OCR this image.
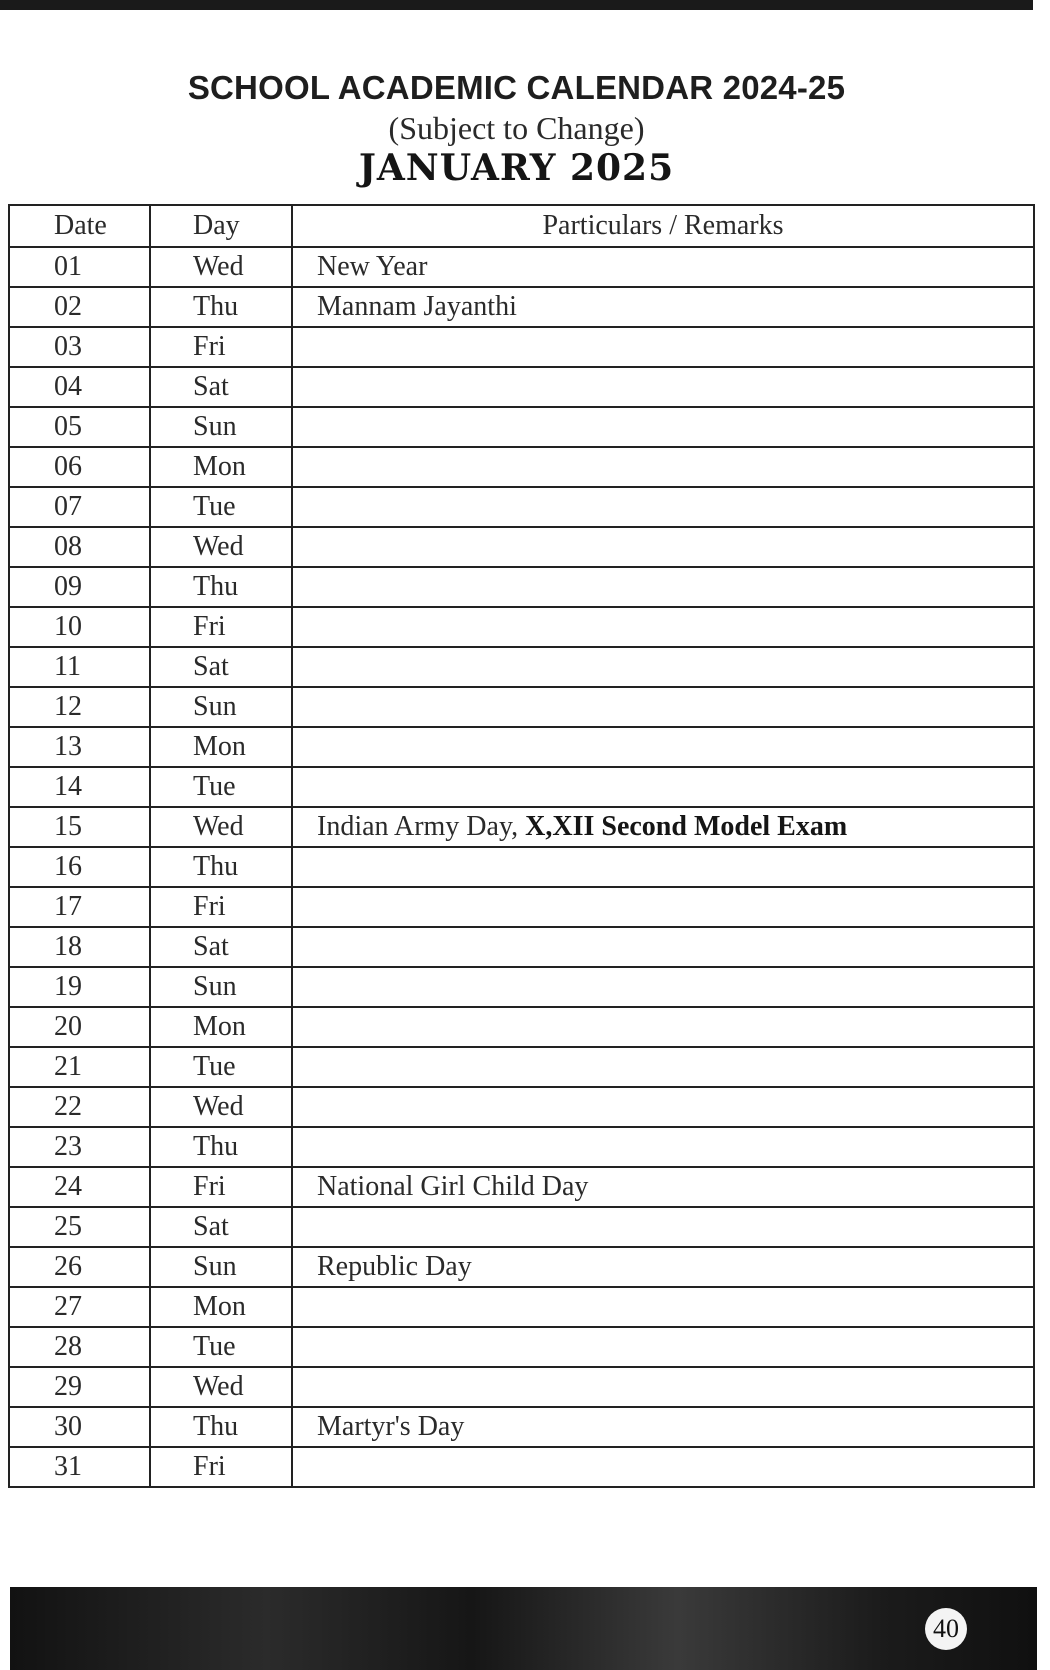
SCHOOL ACADEMIC CALENDAR 2024-25
(Subject to Change)
JANUARY 2025
Date	Day	Particulars / Remarks
01	Wed	New Year
02	Thu	Mannam Jayanthi
03	Fri	
04	Sat	
05	Sun	
06	Mon	
07	Tue	
08	Wed	
09	Thu	
10	Fri	
11	Sat	
12	Sun	
13	Mon	
14	Tue	
15	Wed	Indian Army Day, X,XII Second Model Exam
16	Thu	
17	Fri	
18	Sat	
19	Sun	
20	Mon	
21	Tue	
22	Wed	
23	Thu	
24	Fri	National Girl Child Day
25	Sat	
26	Sun	Republic Day
27	Mon	
28	Tue	
29	Wed	
30	Thu	Martyr's Day
31	Fri	
40
